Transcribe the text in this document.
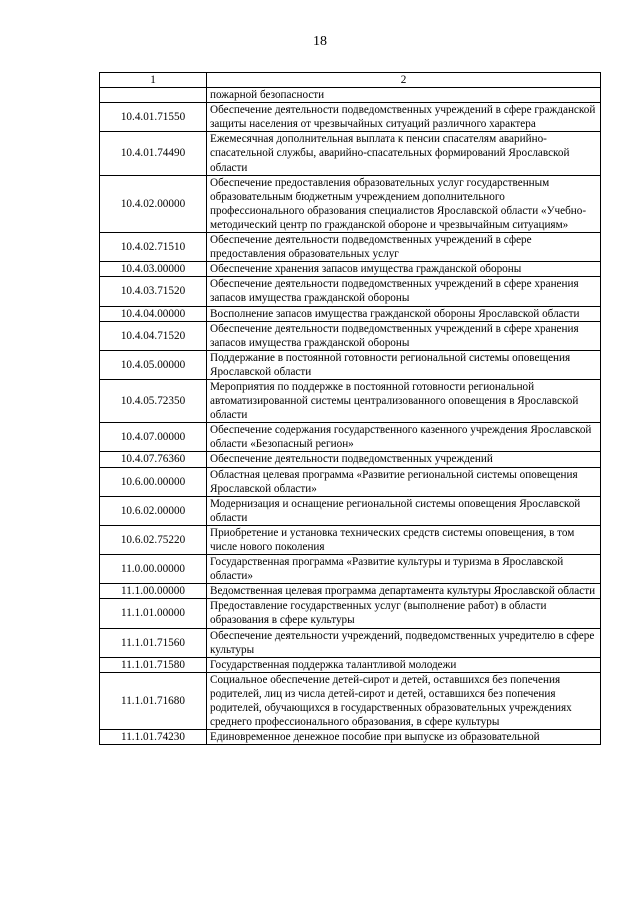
18
1	2
	пожарной безопасности
10.4.01.71550	Обеспечение деятельности подведомственных учреждений в сфере гражданской защиты населения от чрезвычайных ситуаций различного характера
10.4.01.74490	Ежемесячная дополнительная выплата к пенсии спасателям аварийно-спасательной службы, аварийно-спасательных формирований Ярославской области
10.4.02.00000	Обеспечение предоставления образовательных услуг государственным образовательным бюджетным учреждением дополнительного профессионального образования специалистов Ярославской области «Учебно-методический центр по гражданской обороне и чрезвычайным ситуациям»
10.4.02.71510	Обеспечение деятельности подведомственных учреждений в сфере предоставления образовательных услуг
10.4.03.00000	Обеспечение хранения запасов имущества гражданской обороны
10.4.03.71520	Обеспечение деятельности подведомственных учреждений в сфере хранения запасов имущества гражданской обороны
10.4.04.00000	Восполнение запасов имущества гражданской обороны Ярославской области
10.4.04.71520	Обеспечение деятельности подведомственных учреждений в сфере хранения запасов имущества гражданской обороны
10.4.05.00000	Поддержание в постоянной готовности региональной системы оповещения Ярославской области
10.4.05.72350	Мероприятия по поддержке в постоянной готовности региональной автоматизированной системы централизованного оповещения в Ярославской области
10.4.07.00000	Обеспечение содержания государственного казенного учреждения Ярославской области «Безопасный регион»
10.4.07.76360	Обеспечение деятельности подведомственных учреждений
10.6.00.00000	Областная целевая программа «Развитие региональной системы оповещения Ярославской области»
10.6.02.00000	Модернизация и оснащение региональной системы оповещения Ярославской области
10.6.02.75220	Приобретение и установка технических средств системы оповещения, в том числе нового поколения
11.0.00.00000	Государственная программа «Развитие культуры и туризма в Ярославской области»
11.1.00.00000	Ведомственная целевая программа департамента культуры Ярославской области
11.1.01.00000	Предоставление государственных услуг (выполнение работ) в области образования в сфере культуры
11.1.01.71560	Обеспечение деятельности учреждений, подведомственных учредителю в сфере культуры
11.1.01.71580	Государственная поддержка талантливой молодежи
11.1.01.71680	Социальное обеспечение детей-сирот и детей, оставшихся без попечения родителей, лиц из числа детей-сирот и детей, оставшихся без попечения родителей, обучающихся в государственных образовательных учреждениях среднего профессионального образования, в сфере культуры
11.1.01.74230	Единовременное денежное пособие при выпуске из образовательной
